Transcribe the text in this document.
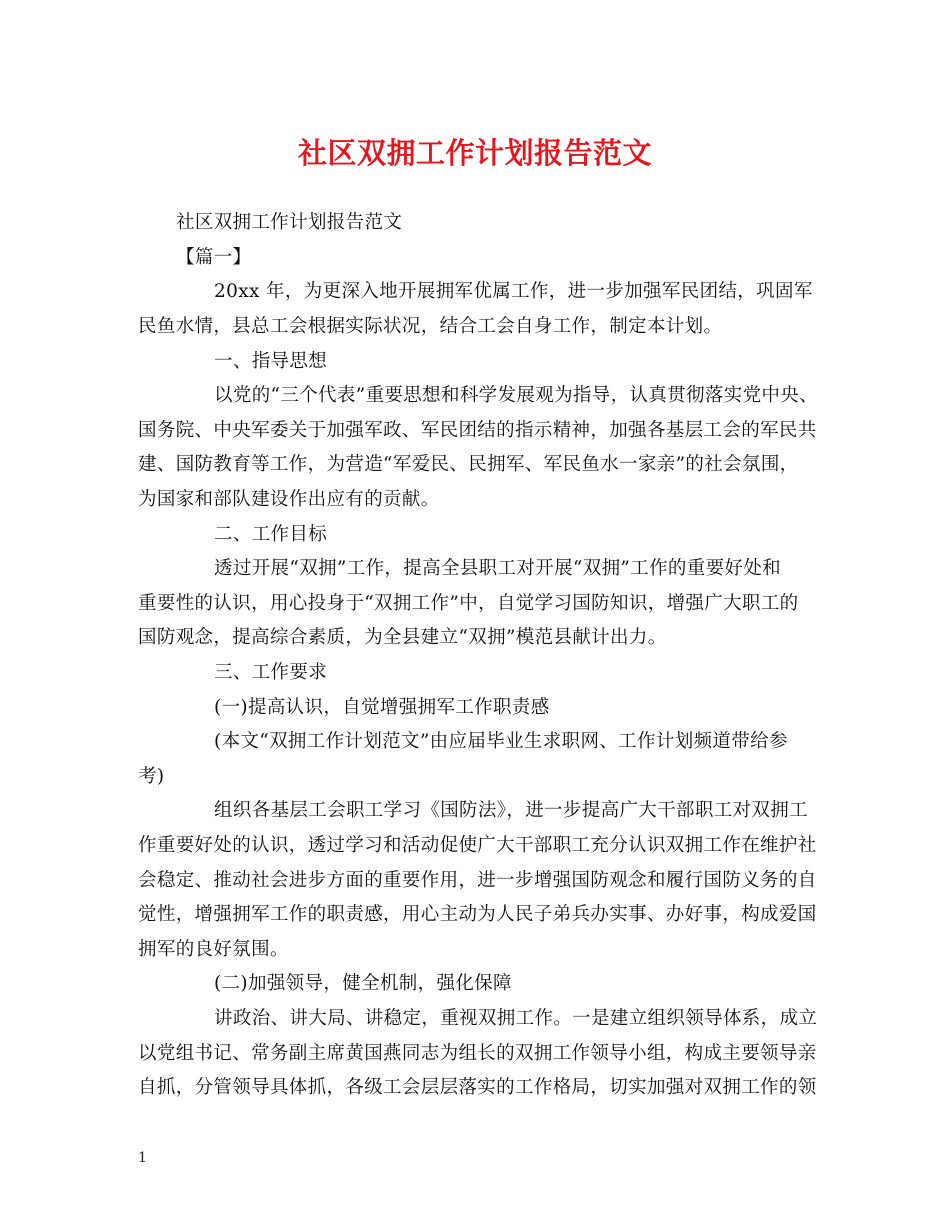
社区双拥工作计划报告范文
社区双拥工作计划报告范文
【篇一】
20xx 年，为更深入地开展拥军优属工作，进一步加强军民团结，巩固军
民鱼水情，县总工会根据实际状况，结合工会自身工作，制定本计划。
一、指导思想
以党的“三个代表”重要思想和科学发展观为指导，认真贯彻落实党中央、
国务院、中央军委关于加强军政、军民团结的指示精神，加强各基层工会的军民共
建、国防教育等工作，为营造“军爱民、民拥军、军民鱼水一家亲”的社会氛围，
为国家和部队建设作出应有的贡献。
二、工作目标
透过开展“双拥”工作，提高全县职工对开展“双拥”工作的重要好处和
重要性的认识，用心投身于“双拥工作”中，自觉学习国防知识，增强广大职工的
国防观念，提高综合素质，为全县建立“双拥”模范县献计出力。
三、工作要求
(一)提高认识，自觉增强拥军工作职责感
(本文“双拥工作计划范文”由应届毕业生求职网、工作计划频道带给参
考)
组织各基层工会职工学习《国防法》，进一步提高广大干部职工对双拥工
作重要好处的认识，透过学习和活动促使广大干部职工充分认识双拥工作在维护社
会稳定、推动社会进步方面的重要作用，进一步增强国防观念和履行国防义务的自
觉性，增强拥军工作的职责感，用心主动为人民子弟兵办实事、办好事，构成爱国
拥军的良好氛围。
(二)加强领导，健全机制，强化保障
讲政治、讲大局、讲稳定，重视双拥工作。一是建立组织领导体系，成立
以党组书记、常务副主席黄国燕同志为组长的双拥工作领导小组，构成主要领导亲
自抓，分管领导具体抓，各级工会层层落实的工作格局，切实加强对双拥工作的领
1
